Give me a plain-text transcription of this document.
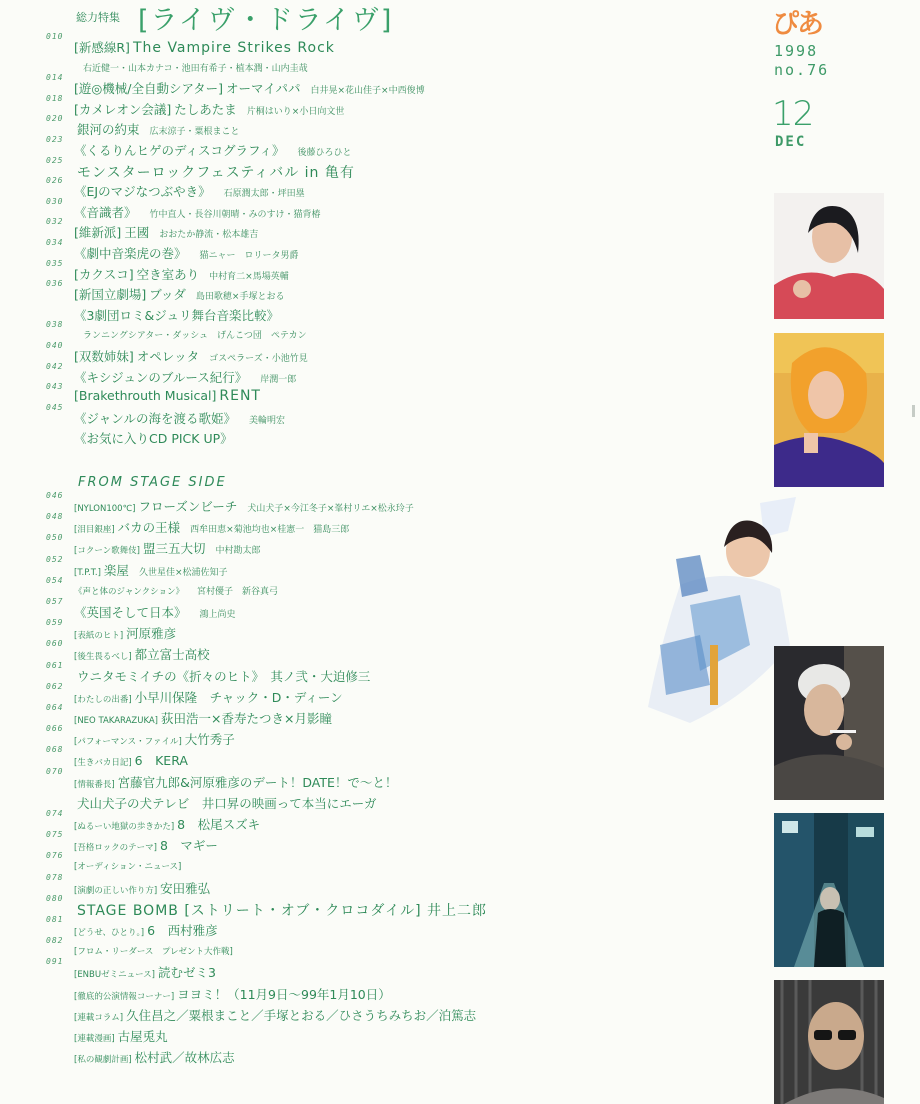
総力特集 [ライヴ・ドライヴ]	ぴあ
1998
no.76
12
DEC
010
[新感線R] The Vampire Strikes Rock
右近健一・山本カナコ・池田有希子・植本潤・山内圭哉
014
[遊◎機械/全自動シアター] オーマイパパ 白井晃×花山佳子×中西俊博
018
[カメレオン会議] たしあたま 片桐はいり×小日向文世
020
銀河の約束 広末涼子・粟根まこと
023
《くるりんヒゲのディスコグラフィ》 後藤ひろひと
025
モンスターロックフェスティバル in 亀有
026
《EJのマジなつぶやき》 石原潤太郎・坪田塁
030
《音識者》 竹中直人・長谷川朝晴・みのすけ・猫背椿
032
[維新派] 王國 おおたか静流・松本雄吉
034
《劇中音楽虎の巻》 猫ニャー　ロリータ男爵
035
[カクスコ] 空き室あり 中村育二×馬場英輔
036
[新国立劇場] ブッダ 島田歌穂×手塚とおる
《3劇団ロミ&ジュリ舞台音楽比較》
038
ランニングシアター・ダッシュ　げんこつ団　ペテカン
040
[双数姉妹] オペレッタ ゴスペラーズ・小池竹見
042
《キシジュンのブルース紀行》 岸潤一郎
043
[Brakethrouth Musical] RENT
045
《ジャンルの海を渡る歌姫》 美輪明宏
《お気に入りCD PICK UP》
FROM STAGE SIDE
046
[NYLON100℃] フローズンビーチ 犬山犬子×今江冬子×峯村リエ×松永玲子
048
[泪目銀座] バカの王様 西牟田恵×菊池均也×桂憲一　猫島三郎
050
[コクーン歌舞伎] 盟三五大切 中村勘太郎
052
[T.P.T.] 楽屋 久世星佳×松浦佐知子
054
《声と体のジャンクション》 宮村優子　新谷真弓
057
《英国そして日本》 鴻上尚史
059
[表紙のヒト] 河原雅彦
060
[後生畏るべし] 都立富士高校
061
ウニタモミイチの《折々のヒト》　其ノ弐・大迫修三
062
[わたしの出番] 小早川保隆　チャック・D・ディーン
064
[NEO TAKARAZUKA] 荻田浩一×香寿たつき×月影瞳
066
[パフォーマンス・ファイル] 大竹秀子
068
[生きバカ日記] 6　KERA
070
[情報番長] 宮藤官九郎&河原雅彦のデート！DATE！で～と！
犬山犬子の犬テレビ　井口昇の映画って本当にエーガ
074
[ぬるーい地獄の歩きかた] 8　松尾スズキ
075
[吾格ロックのテーマ] 8　マギー
076
[オーディション・ニュース]
078
[演劇の正しい作り方] 安田雅弘
080
STAGE BOMB [ストリート・オブ・クロコダイル] 井上二郎
081
[どうせ、ひとり。] 6　西村雅彦
082
[フロム・リーダース　プレゼント大作戦]
091
[ENBUゼミニュース] 読むゼミ3
[徹底的公演情報コーナー] ヨヨミ！（11月9日～99年1月10日）
[連載コラム] 久住昌之／粟根まこと／手塚とおる／ひさうちみちお／泊篤志
[連載漫画] 古屋兎丸
[私の観劇計画] 松村武／故林広志
